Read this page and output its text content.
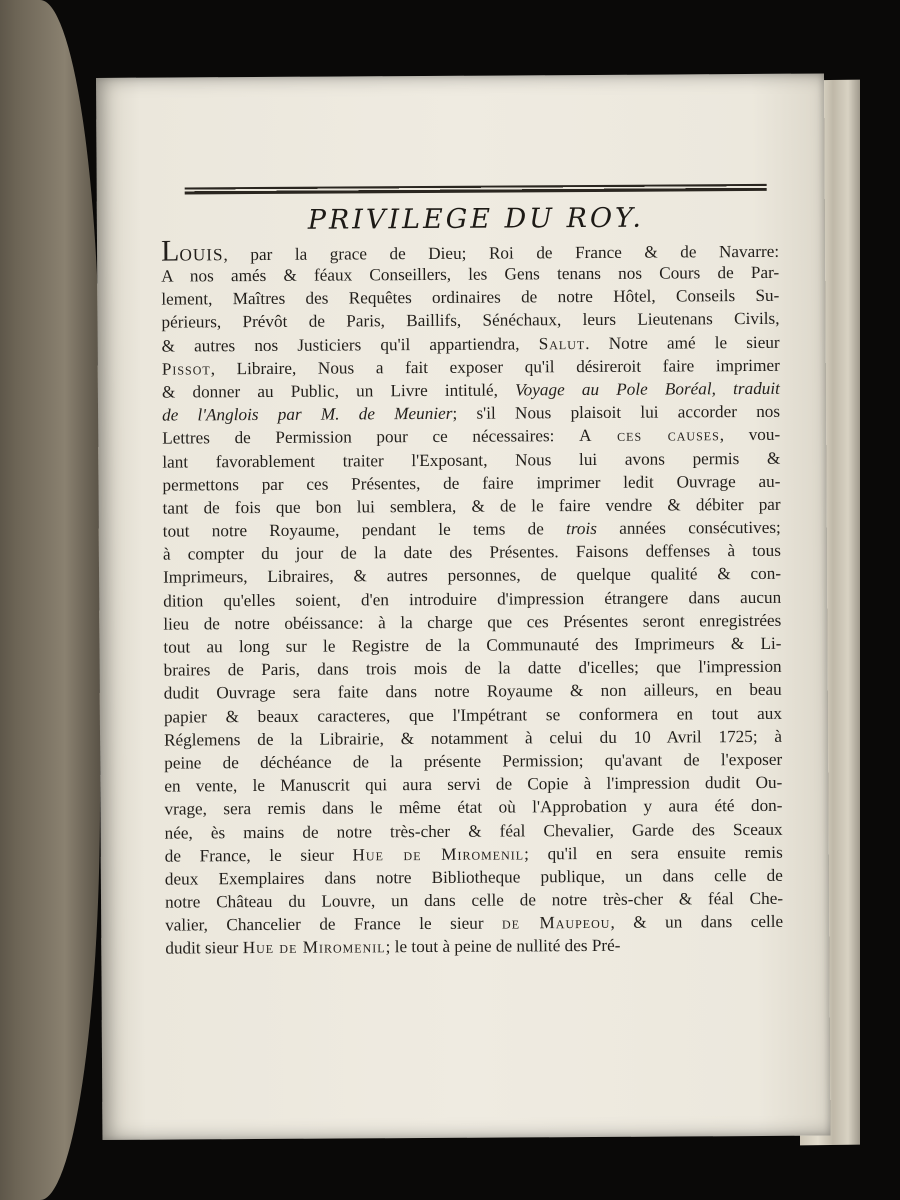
PRIVILEGE DU ROY.
LOUIS, par la grace de Dieu; Roi de France & de Navarre:
A nos amés & féaux Conseillers, les Gens tenans nos Cours de Par-
lement, Maîtres des Requêtes ordinaires de notre Hôtel, Conseils Su-
périeurs, Prévôt de Paris, Baillifs, Sénéchaux, leurs Lieutenans Civils,
& autres nos Justiciers qu'il appartiendra, Salut. Notre amé le sieur
Pissot, Libraire, Nous a fait exposer qu'il désireroit faire imprimer
& donner au Public, un Livre intitulé, Voyage au Pole Boréal, traduit
de l'Anglois par M. de Meunier; s'il Nous plaisoit lui accorder nos
Lettres de Permission pour ce nécessaires: A ces causes, vou-
lant favorablement traiter l'Exposant, Nous lui avons permis &
permettons par ces Présentes, de faire imprimer ledit Ouvrage au-
tant de fois que bon lui semblera, & de le faire vendre & débiter par
tout notre Royaume, pendant le tems de trois années consécutives;
à compter du jour de la date des Présentes. Faisons deffenses à tous
Imprimeurs, Libraires, & autres personnes, de quelque qualité & con-
dition qu'elles soient, d'en introduire d'impression étrangere dans aucun
lieu de notre obéissance: à la charge que ces Présentes seront enregistrées
tout au long sur le Registre de la Communauté des Imprimeurs & Li-
braires de Paris, dans trois mois de la datte d'icelles; que l'impression
dudit Ouvrage sera faite dans notre Royaume & non ailleurs, en beau
papier & beaux caracteres, que l'Impétrant se conformera en tout aux
Réglemens de la Librairie, & notamment à celui du 10 Avril 1725; à
peine de déchéance de la présente Permission; qu'avant de l'exposer
en vente, le Manuscrit qui aura servi de Copie à l'impression dudit Ou-
vrage, sera remis dans le même état où l'Approbation y aura été don-
née, ès mains de notre très-cher & féal Chevalier, Garde des Sceaux
de France, le sieur Hue de Miromenil; qu'il en sera ensuite remis
deux Exemplaires dans notre Bibliotheque publique, un dans celle de
notre Château du Louvre, un dans celle de notre très-cher & féal Che-
valier, Chancelier de France le sieur de Maupeou, & un dans celle
dudit sieur Hue de Miromenil; le tout à peine de nullité des Pré-
